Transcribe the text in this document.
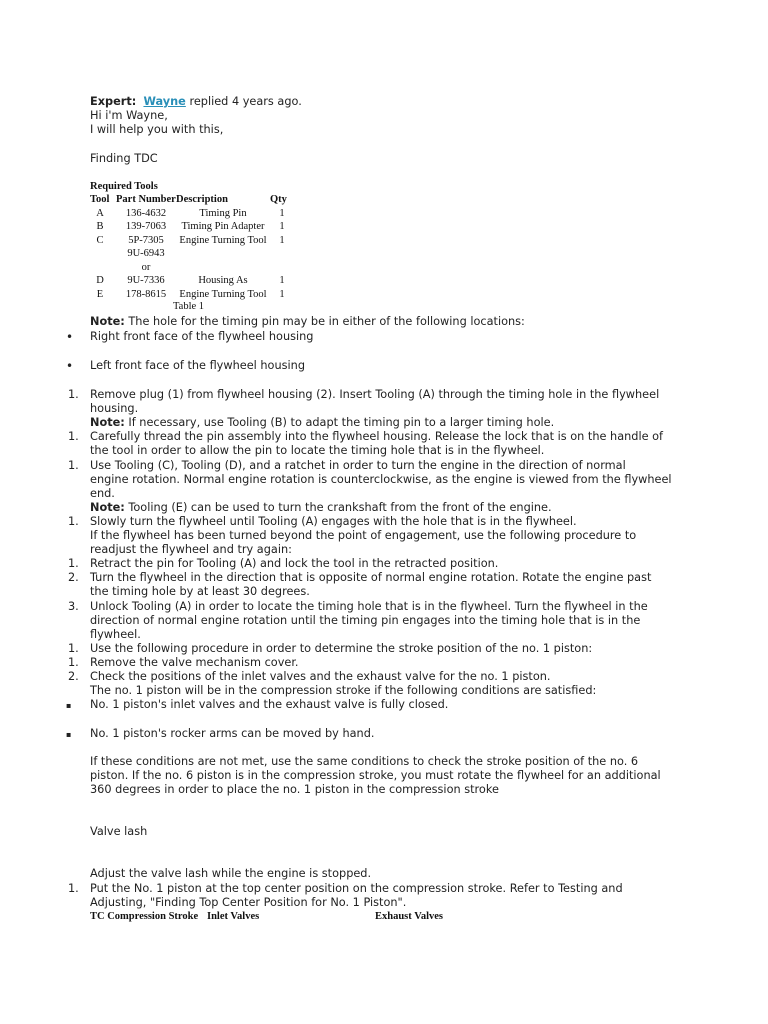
Expert: Wayne replied 4 years ago.
Hi i'm Wayne,
I will help you with this,
Finding TDC
Required Tools
Tool	Part Number	Description	Qty
A	136-4632	Timing Pin	1
B	139-7063	Timing Pin Adapter	1
C	5P-7305	Engine Turning Tool	1
	9U-6943		
	or		
D	9U-7336	Housing As	1
E	178-8615	Engine Turning Tool	1
Table 1
Note: The hole for the timing pin may be in either of the following locations:
•	Right front face of the flywheel housing
•	Left front face of the flywheel housing
1. Remove plug (1) from flywheel housing (2). Insert Tooling (A) through the timing hole in the flywheel
housing.
Note: If necessary, use Tooling (B) to adapt the timing pin to a larger timing hole.
1. Carefully thread the pin assembly into the flywheel housing. Release the lock that is on the handle of
the tool in order to allow the pin to locate the timing hole that is in the flywheel.
1. Use Tooling (C), Tooling (D), and a ratchet in order to turn the engine in the direction of normal
engine rotation. Normal engine rotation is counterclockwise, as the engine is viewed from the flywheel
end.
Note: Tooling (E) can be used to turn the crankshaft from the front of the engine.
1. Slowly turn the flywheel until Tooling (A) engages with the hole that is in the flywheel.
If the flywheel has been turned beyond the point of engagement, use the following procedure to
readjust the flywheel and try again:
1. Retract the pin for Tooling (A) and lock the tool in the retracted position.
2. Turn the flywheel in the direction that is opposite of normal engine rotation. Rotate the engine past
the timing hole by at least 30 degrees.
3. Unlock Tooling (A) in order to locate the timing hole that is in the flywheel. Turn the flywheel in the
direction of normal engine rotation until the timing pin engages into the timing hole that is in the
flywheel.
1. Use the following procedure in order to determine the stroke position of the no. 1 piston:
1. Remove the valve mechanism cover.
2. Check the positions of the inlet valves and the exhaust valve for the no. 1 piston.
The no. 1 piston will be in the compression stroke if the following conditions are satisfied:
▪	No. 1 piston's inlet valves and the exhaust valve is fully closed.
▪	No. 1 piston's rocker arms can be moved by hand.
If these conditions are not met, use the same conditions to check the stroke position of the no. 6
piston. If the no. 6 piston is in the compression stroke, you must rotate the flywheel for an additional
360 degrees in order to place the no. 1 piston in the compression stroke
Valve lash
Adjust the valve lash while the engine is stopped.
1. Put the No. 1 piston at the top center position on the compression stroke. Refer to Testing and
Adjusting, "Finding Top Center Position for No. 1 Piston".
TC Compression Stroke Inlet Valves	Exhaust Valves
